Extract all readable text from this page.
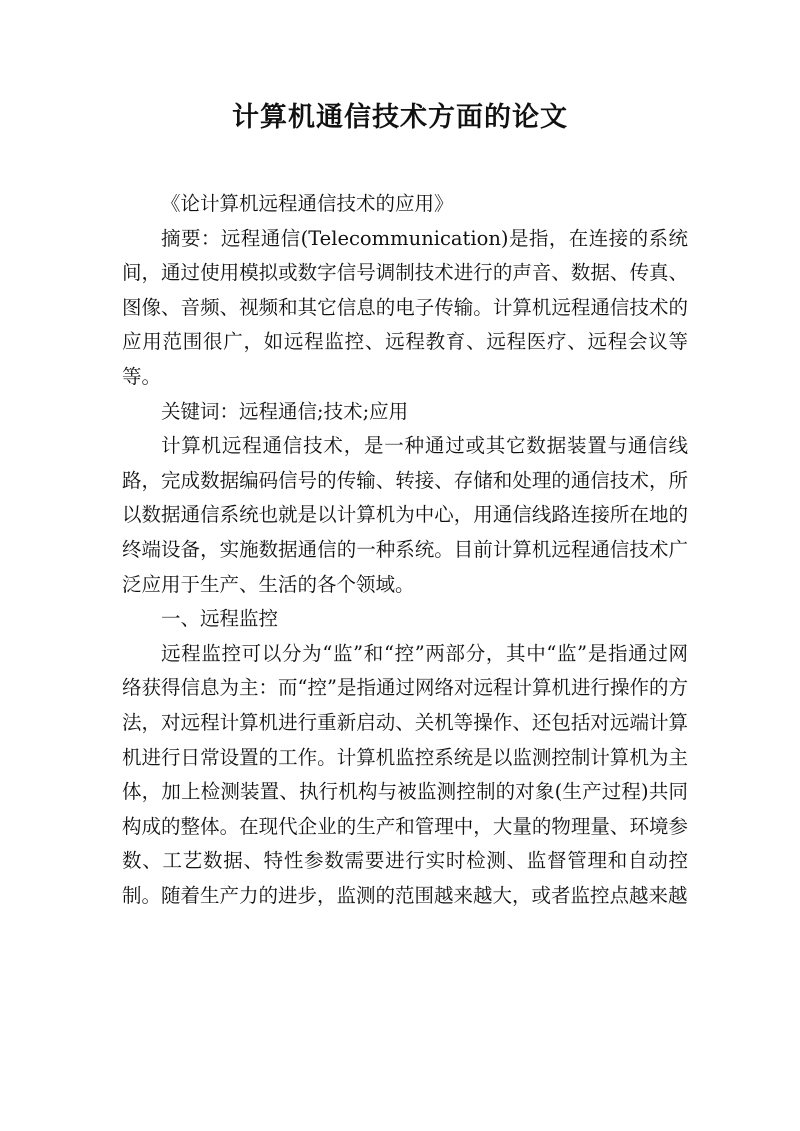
计算机通信技术方面的论文

《论计算机远程通信技术的应用》

摘要：远程通信(Telecommunication)是指，在连接的系统间，通过使用模拟或数字信号调制技术进行的声音、数据、传真、图像、音频、视频和其它信息的电子传输。计算机远程通信技术的应用范围很广，如远程监控、远程教育、远程医疗、远程会议等等。

关键词：远程通信;技术;应用

计算机远程通信技术，是一种通过或其它数据装置与通信线路，完成数据编码信号的传输、转接、存储和处理的通信技术，所以数据通信系统也就是以计算机为中心，用通信线路连接所在地的终端设备，实施数据通信的一种系统。目前计算机远程通信技术广泛应用于生产、生活的各个领域。

一、远程监控

远程监控可以分为“监”和“控”两部分，其中“监”是指通过网络获得信息为主：而“控”是指通过网络对远程计算机进行操作的方法，对远程计算机进行重新启动、关机等操作、还包括对远端计算机进行日常设置的工作。计算机监控系统是以监测控制计算机为主体，加上检测装置、执行机构与被监测控制的对象(生产过程)共同构成的整体。在现代企业的生产和管理中，大量的物理量、环境参数、工艺数据、特性参数需要进行实时检测、监督管理和自动控制。随着生产力的进步，监测的范围越来越大，或者监控点越来越
